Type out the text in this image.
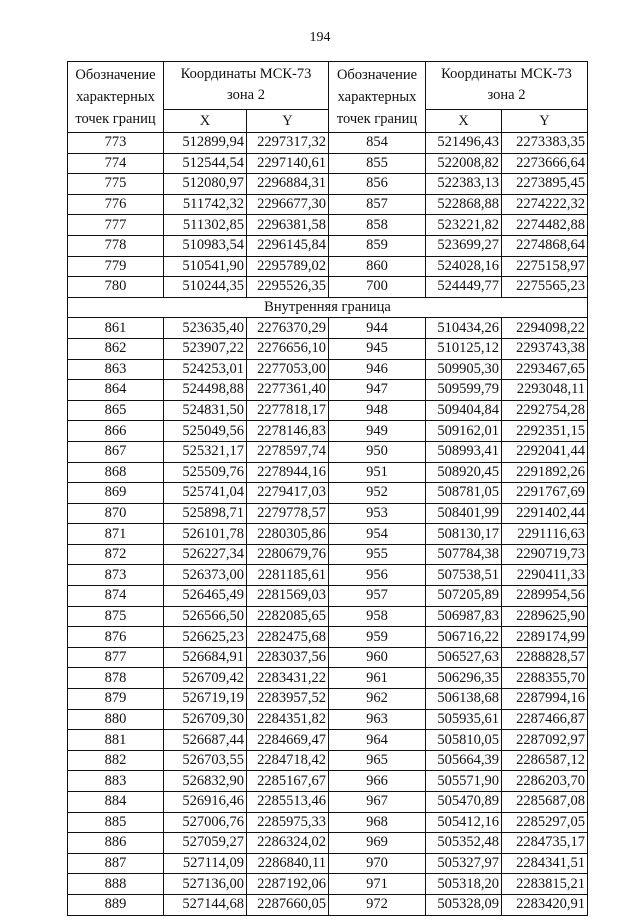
194
Обозначение характерных точек границ	Координаты МСК-73 зона 2		Обозначение характерных точек границ	Координаты МСК-73 зона 2	
	X	Y		X	Y
773	512899,94	2297317,32	854	521496,43	2273383,35
774	512544,54	2297140,61	855	522008,82	2273666,64
775	512080,97	2296884,31	856	522383,13	2273895,45
776	511742,32	2296677,30	857	522868,88	2274222,32
777	511302,85	2296381,58	858	523221,82	2274482,88
778	510983,54	2296145,84	859	523699,27	2274868,64
779	510541,90	2295789,02	860	524028,16	2275158,97
780	510244,35	2295526,35	700	524449,77	2275565,23
Внутренняя граница					
861	523635,40	2276370,29	944	510434,26	2294098,22
862	523907,22	2276656,10	945	510125,12	2293743,38
863	524253,01	2277053,00	946	509905,30	2293467,65
864	524498,88	2277361,40	947	509599,79	2293048,11
865	524831,50	2277818,17	948	509404,84	2292754,28
866	525049,56	2278146,83	949	509162,01	2292351,15
867	525321,17	2278597,74	950	508993,41	2292041,44
868	525509,76	2278944,16	951	508920,45	2291892,26
869	525741,04	2279417,03	952	508781,05	2291767,69
870	525898,71	2279778,57	953	508401,99	2291402,44
871	526101,78	2280305,86	954	508130,17	2291116,63
872	526227,34	2280679,76	955	507784,38	2290719,73
873	526373,00	2281185,61	956	507538,51	2290411,33
874	526465,49	2281569,03	957	507205,89	2289954,56
875	526566,50	2282085,65	958	506987,83	2289625,90
876	526625,23	2282475,68	959	506716,22	2289174,99
877	526684,91	2283037,56	960	506527,63	2288828,57
878	526709,42	2283431,22	961	506296,35	2288355,70
879	526719,19	2283957,52	962	506138,68	2287994,16
880	526709,30	2284351,82	963	505935,61	2287466,87
881	526687,44	2284669,47	964	505810,05	2287092,97
882	526703,55	2284718,42	965	505664,39	2286587,12
883	526832,90	2285167,67	966	505571,90	2286203,70
884	526916,46	2285513,46	967	505470,89	2285687,08
885	527006,76	2285975,33	968	505412,16	2285297,05
886	527059,27	2286324,02	969	505352,48	2284735,17
887	527114,09	2286840,11	970	505327,97	2284341,51
888	527136,00	2287192,06	971	505318,20	2283815,21
889	527144,68	2287660,05	972	505328,09	2283420,91
